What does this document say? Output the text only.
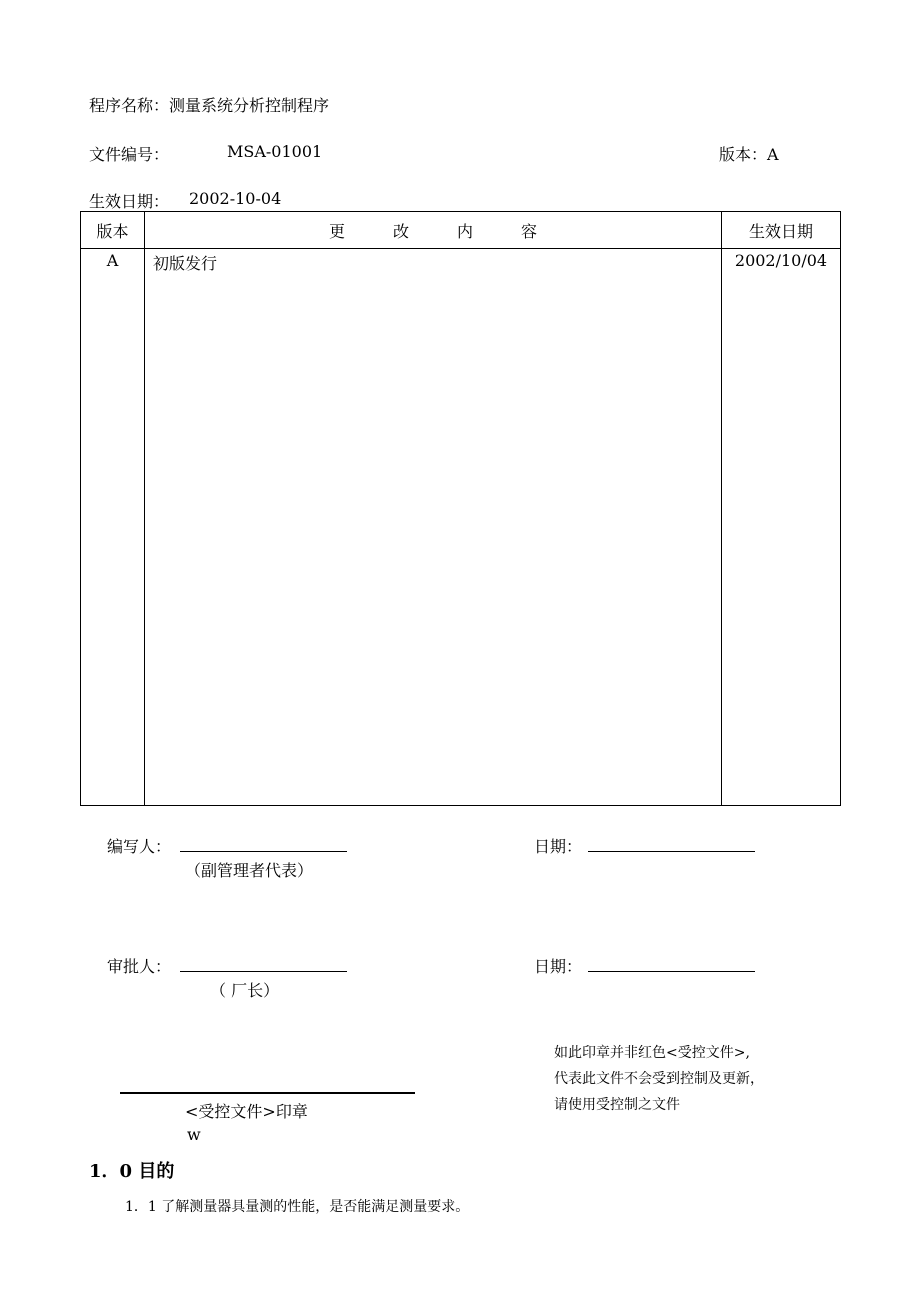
程序名称：测量系统分析控制程序
文件编号：	MSA-01001	版本：A
生效日期： 2002-10-04
版本	更 改 内 容	生效日期
A	初版发行	2002/10/04
编写人：
（副管理者代表）
日期：
审批人：
（ 厂长）
日期：
<受控文件>印章
w
如此印章并非红色<受控文件>,
代表此文件不会受到控制及更新，
请使用受控制之文件
1．0 目的
1．1 了解测量器具量测的性能，是否能满足测量要求。
